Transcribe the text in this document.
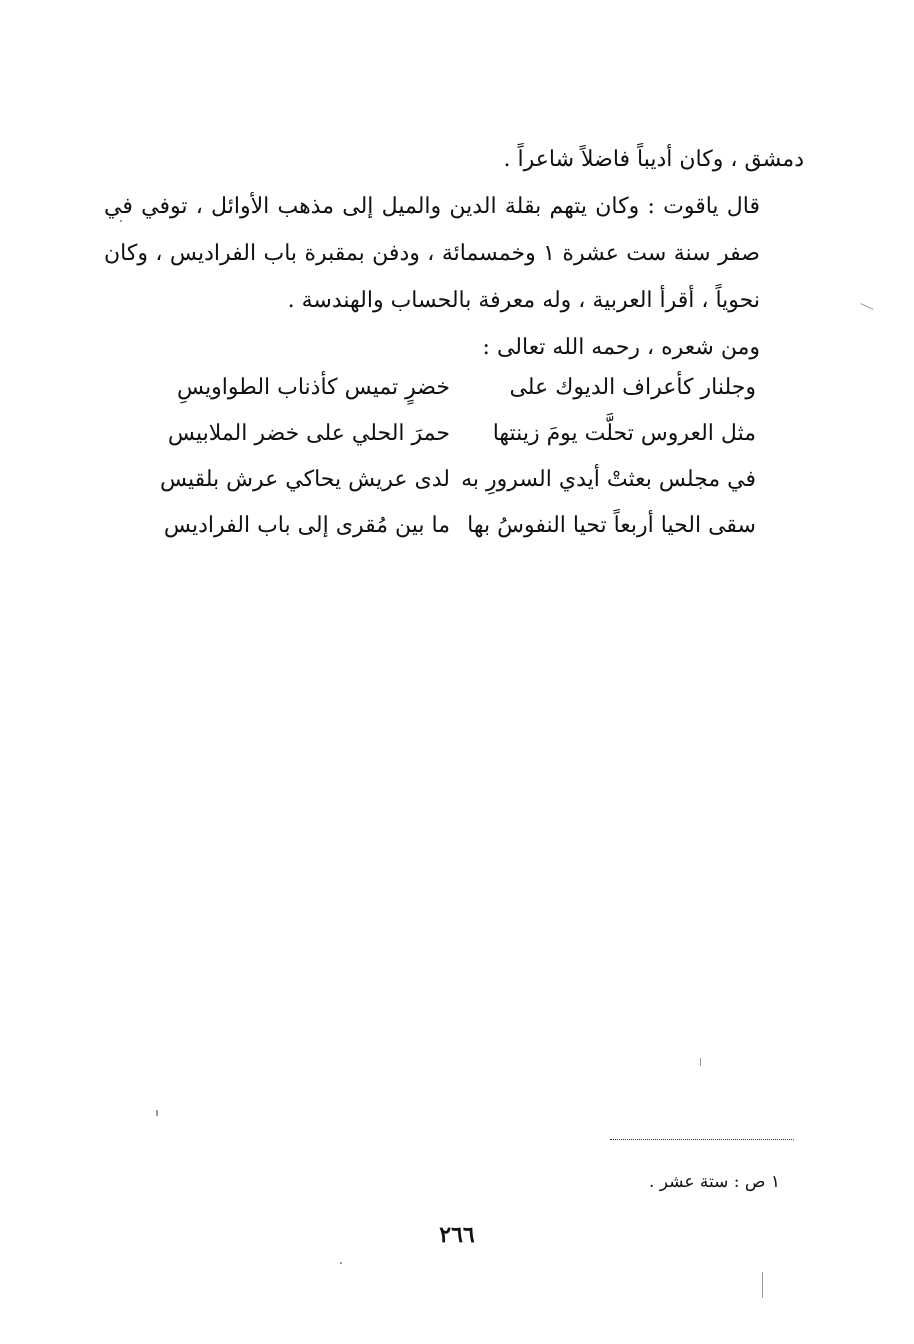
دمشق ، وكان أديباً فاضلاً شاعراً .

قال ياقوت : وكان يتهم بقلة الدين والميل إلى مذهب الأوائل ، توفي في صفر سنة ست عشرة ١ وخمسمائة ، ودفن بمقبرة باب الفراديس ، وكان نحوياً ، أقرأ العربية ، وله معرفة بالحساب والهندسة .

ومن شعره ، رحمه الله تعالى :

وجلنار كأعراف الديوك على
خضرٍ تميس كأذناب الطواويسِ
مثل العروس تحلَّت يومَ زينتها
حمرَ الحلي على خضر الملابيس
في مجلس بعثتْ أيدي السرورِ به
لدى عريش يحاكي عرش بلقيس
سقى الحيا أربعاً تحيا النفوسُ بها
ما بين مُقرى إلى باب الفراديس
١ ص : ستة عشر .
٢٦٦
